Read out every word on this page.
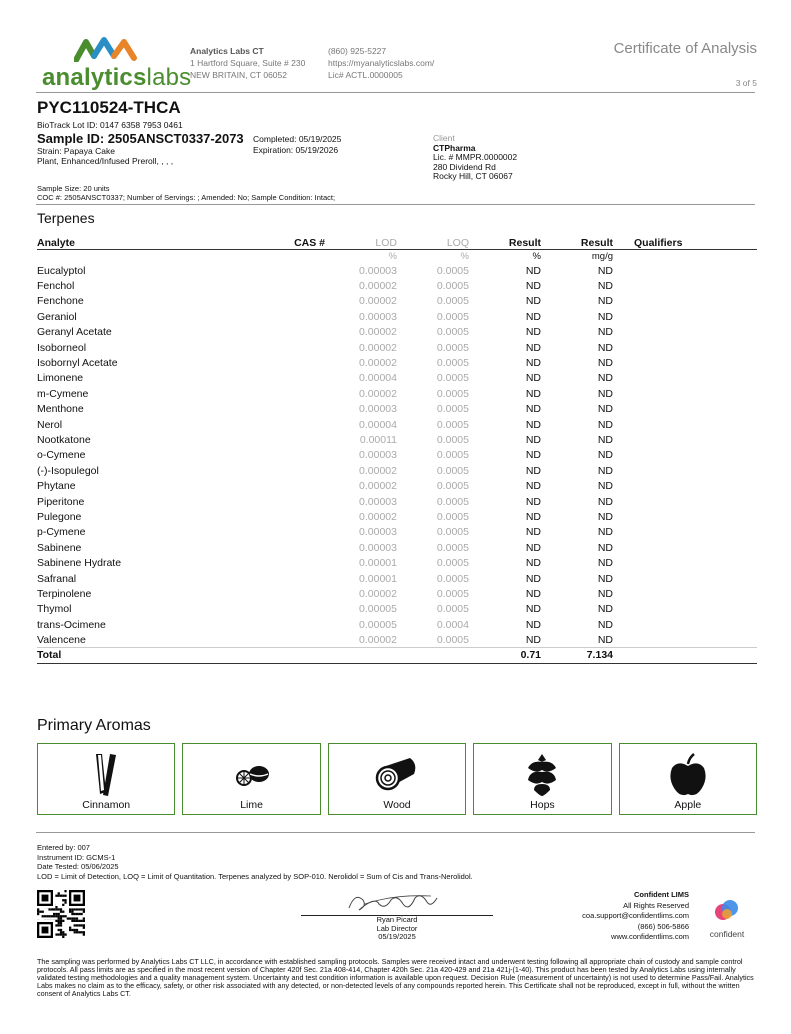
analyticslabs
Analytics Labs CT
1 Hartford Square, Suite # 230
NEW BRITAIN, CT 06052
(860) 925-5227
https://myanalyticslabs.com/
Lic# ACTL.0000005
Certificate of Analysis
3 of 5
PYC110524-THCA
BioTrack Lot ID: 0147 6358 7953 0461
Sample ID: 2505ANSCT0337-2073
Strain: Papaya Cake
Plant, Enhanced/Infused Preroll, , , ,
Completed: 05/19/2025
Expiration: 05/19/2026
Client
CTPharma
Lic. # MMPR.0000002
280 Dividend Rd
Rocky Hill, CT 06067
Sample Size: 20 units
COC #: 2505ANSCT0337; Number of Servings: ; Amended: No; Sample Condition: Intact;
Terpenes
Analyte	CAS #	LOD	LOQ	Result	Result	Qualifiers
		%	%	%	mg/g	
Eucalyptol		0.00003	0.0005	ND	ND	
Fenchol		0.00002	0.0005	ND	ND	
Fenchone		0.00002	0.0005	ND	ND	
Geraniol		0.00003	0.0005	ND	ND	
Geranyl Acetate		0.00002	0.0005	ND	ND	
Isoborneol		0.00002	0.0005	ND	ND	
Isobornyl Acetate		0.00002	0.0005	ND	ND	
Limonene		0.00004	0.0005	ND	ND	
m-Cymene		0.00002	0.0005	ND	ND	
Menthone		0.00003	0.0005	ND	ND	
Nerol		0.00004	0.0005	ND	ND	
Nootkatone		0.00011	0.0005	ND	ND	
o-Cymene		0.00003	0.0005	ND	ND	
(-)-Isopulegol		0.00002	0.0005	ND	ND	
Phytane		0.00002	0.0005	ND	ND	
Piperitone		0.00003	0.0005	ND	ND	
Pulegone		0.00002	0.0005	ND	ND	
p-Cymene		0.00003	0.0005	ND	ND	
Sabinene		0.00003	0.0005	ND	ND	
Sabinene Hydrate		0.00001	0.0005	ND	ND	
Safranal		0.00001	0.0005	ND	ND	
Terpinolene		0.00002	0.0005	ND	ND	
Thymol		0.00005	0.0005	ND	ND	
trans-Ocimene		0.00005	0.0004	ND	ND	
Valencene		0.00002	0.0005	ND	ND	
Total				0.71	7.134	
Primary Aromas
Cinnamon	Lime	Wood	Hops	Apple
Entered by: 007
Instrument ID: GCMS-1
Date Tested: 05/06/2025
LOD = Limit of Detection, LOQ = Limit of Quantitation. Terpenes analyzed by SOP-010. Nerolidol = Sum of Cis and Trans-Nerolidol.
Ryan Picard
Lab Director
05/19/2025
Confident LIMS
All Rights Reserved
coa.support@confidentlims.com
(866) 506-5866
www.confidentlims.com	confident
The sampling was performed by Analytics Labs CT LLC, in accordance with established sampling protocols. Samples were received intact and underwent testing following all appropriate chain of custody and sample control protocols. All pass limits are as specified in the most recent version of Chapter 420f Sec. 21a 408-414, Chapter 420h Sec. 21a 420-429 and 21a 421j-(1-40). This product has been tested by Analytics Labs using internally validated testing methodologies and a quality management system. Uncertainty and test condition information is available upon request. Decision Rule (measurement of uncertainty) is not used to determine Pass/Fail. Analytics Labs makes no claim as to the efficacy, safety, or other risk associated with any detected, or non-detected levels of any compounds reported herein. This Certificate shall not be reproduced, except in full, without the written consent of Analytics Labs CT.
